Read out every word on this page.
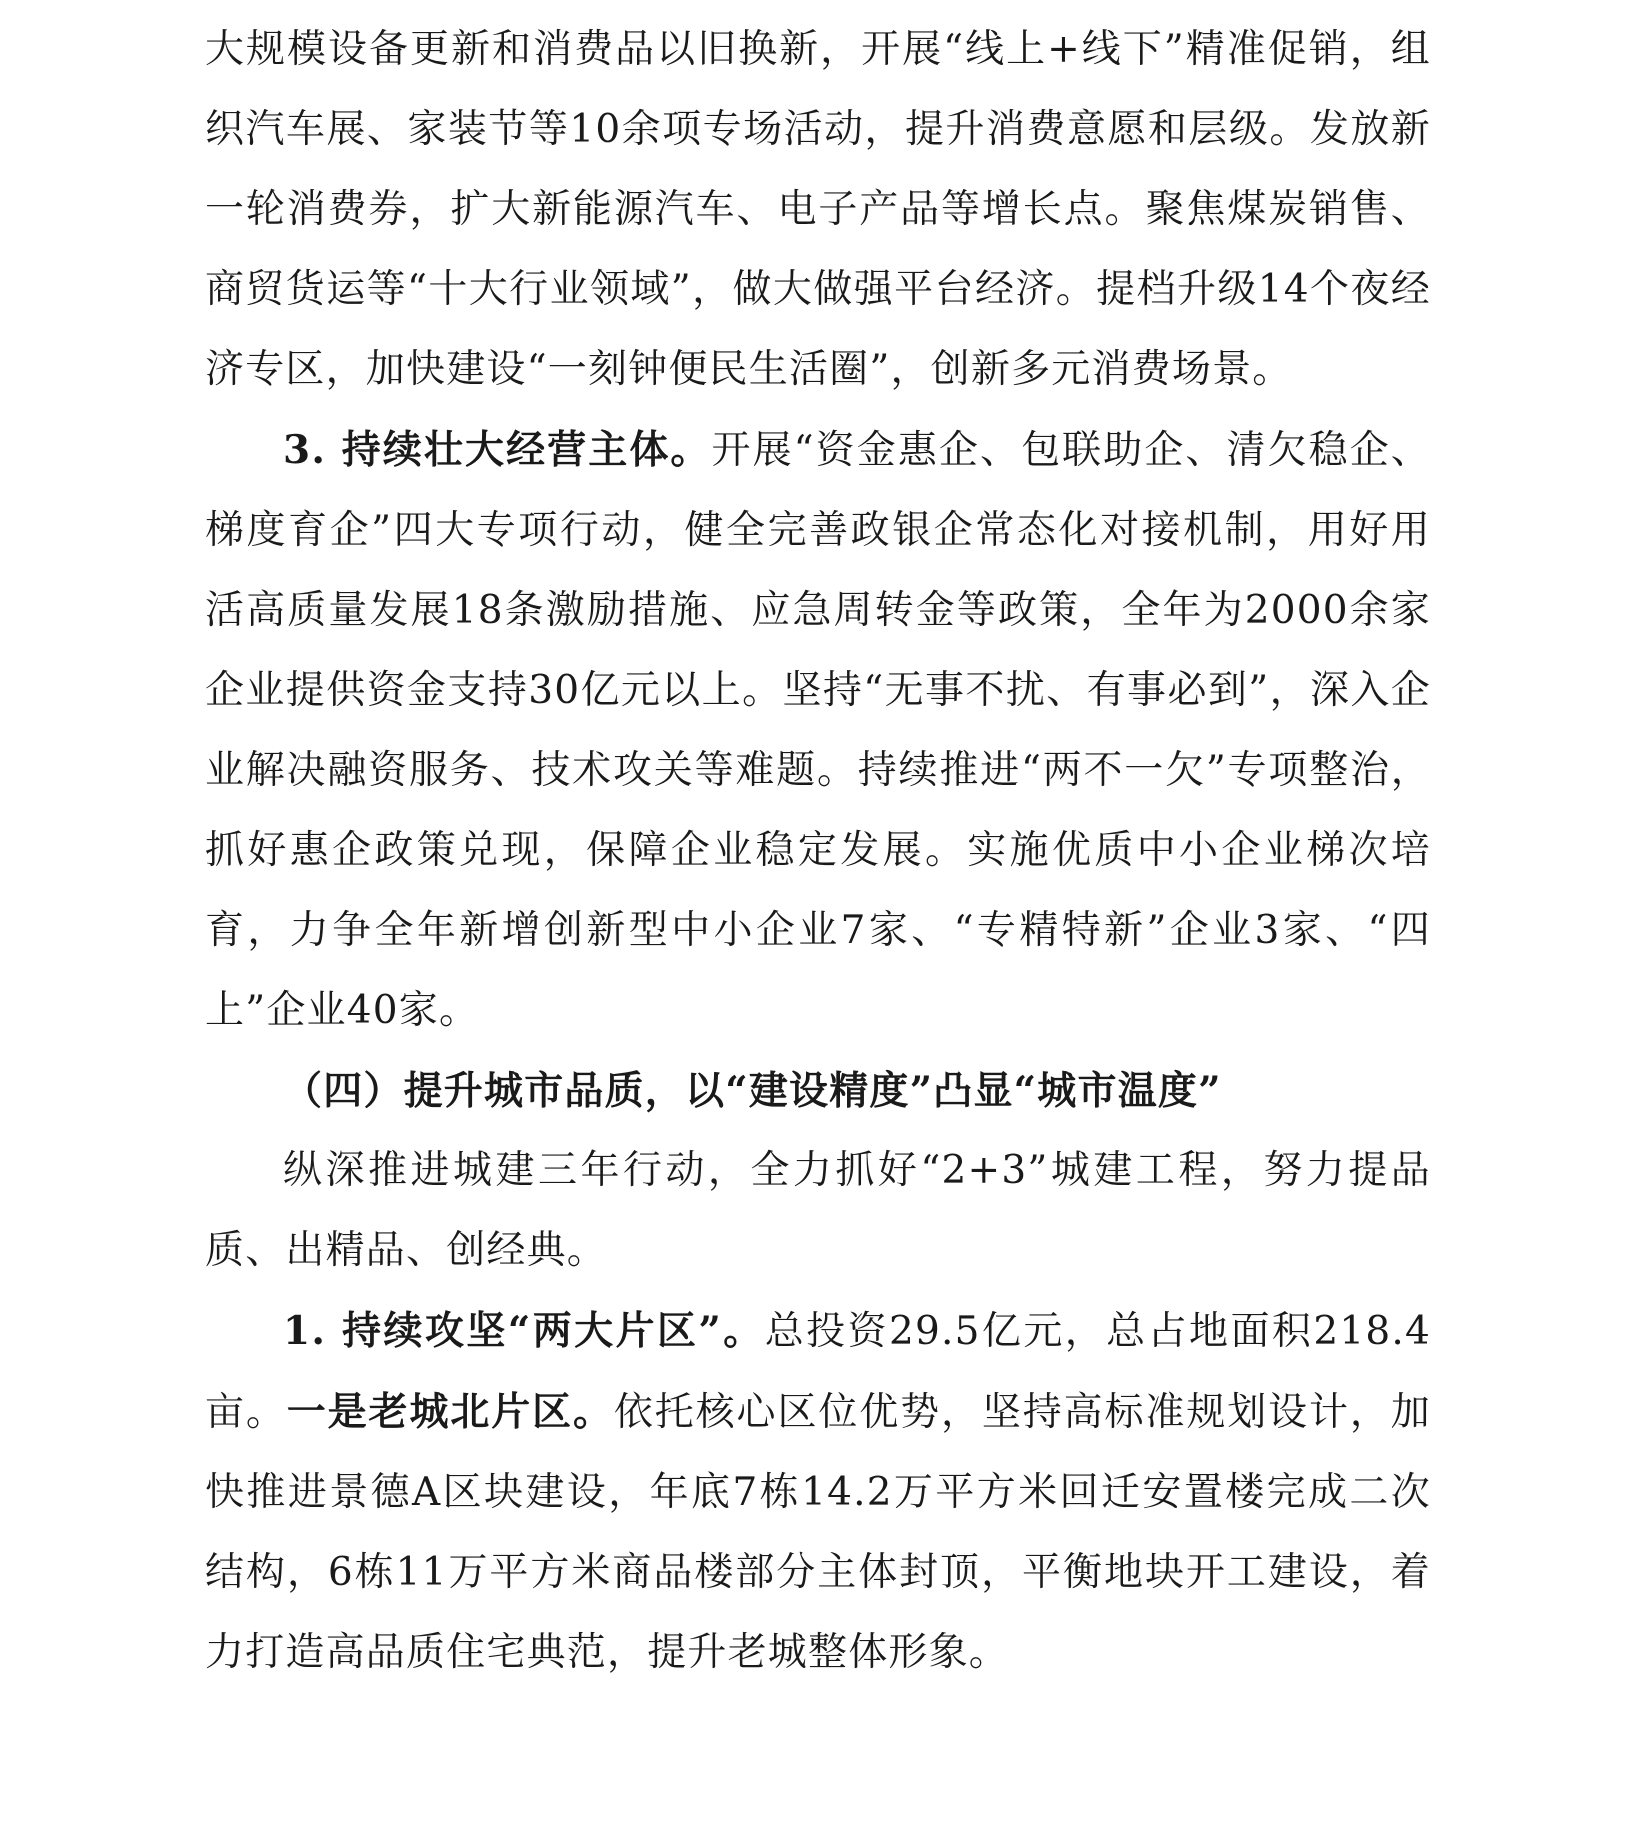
大规模设备更新和消费品以旧换新，开展“线上+线下”精准促销，组织汽车展、家装节等10余项专场活动，提升消费意愿和层级。发放新一轮消费券，扩大新能源汽车、电子产品等增长点。聚焦煤炭销售、商贸货运等“十大行业领域”，做大做强平台经济。提档升级14个夜经济专区，加快建设“一刻钟便民生活圈”，创新多元消费场景。

3. 持续壮大经营主体。开展“资金惠企、包联助企、清欠稳企、梯度育企”四大专项行动，健全完善政银企常态化对接机制，用好用活高质量发展18条激励措施、应急周转金等政策，全年为2000余家企业提供资金支持30亿元以上。坚持“无事不扰、有事必到”，深入企业解决融资服务、技术攻关等难题。持续推进“两不一欠”专项整治，抓好惠企政策兑现，保障企业稳定发展。实施优质中小企业梯次培育，力争全年新增创新型中小企业7家、“专精特新”企业3家、“四上”企业40家。

（四）提升城市品质，以“建设精度”凸显“城市温度”

纵深推进城建三年行动，全力抓好“2+3”城建工程，努力提品质、出精品、创经典。

1. 持续攻坚“两大片区”。总投资29.5亿元，总占地面积218.4亩。一是老城北片区。依托核心区位优势，坚持高标准规划设计，加快推进景德A区块建设，年底7栋14.2万平方米回迁安置楼完成二次结构，6栋11万平方米商品楼部分主体封顶，平衡地块开工建设，着力打造高品质住宅典范，提升老城整体形象。
